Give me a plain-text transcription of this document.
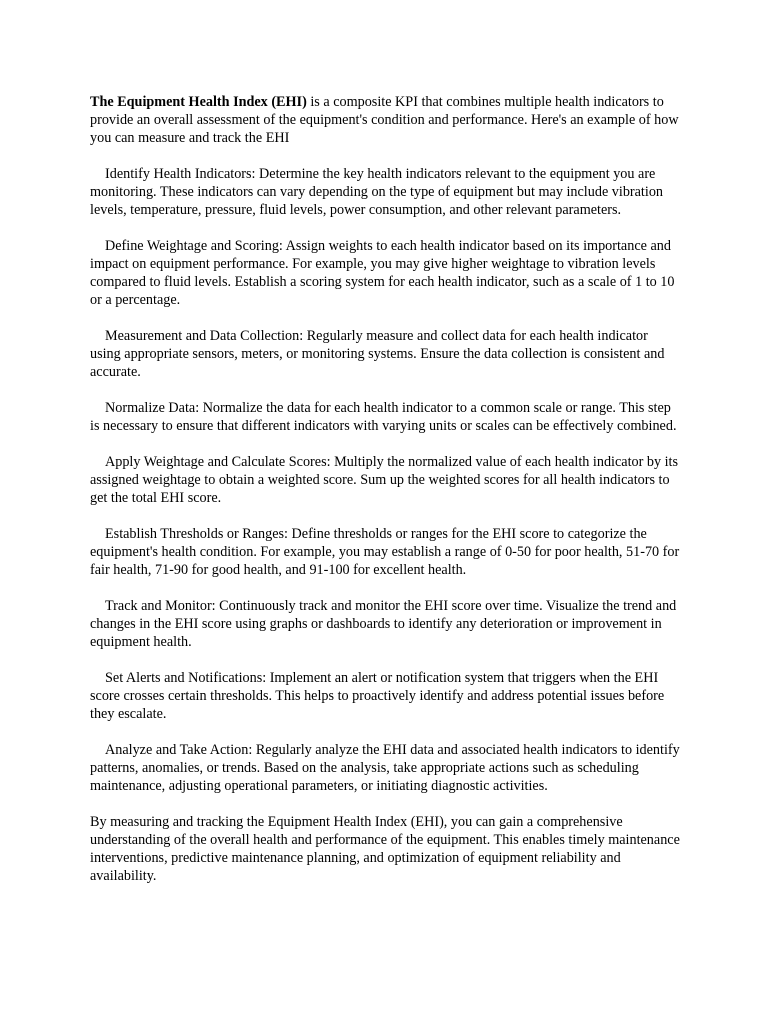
The Equipment Health Index (EHI) is a composite KPI that combines multiple health indicators to provide an overall assessment of the equipment's condition and performance. Here's an example of how you can measure and track the EHI

Identify Health Indicators: Determine the key health indicators relevant to the equipment you are monitoring. These indicators can vary depending on the type of equipment but may include vibration levels, temperature, pressure, fluid levels, power consumption, and other relevant parameters.

Define Weightage and Scoring: Assign weights to each health indicator based on its importance and impact on equipment performance. For example, you may give higher weightage to vibration levels compared to fluid levels. Establish a scoring system for each health indicator, such as a scale of 1 to 10 or a percentage.

Measurement and Data Collection: Regularly measure and collect data for each health indicator using appropriate sensors, meters, or monitoring systems. Ensure the data collection is consistent and accurate.

Normalize Data: Normalize the data for each health indicator to a common scale or range. This step is necessary to ensure that different indicators with varying units or scales can be effectively combined.

Apply Weightage and Calculate Scores: Multiply the normalized value of each health indicator by its assigned weightage to obtain a weighted score. Sum up the weighted scores for all health indicators to get the total EHI score.

Establish Thresholds or Ranges: Define thresholds or ranges for the EHI score to categorize the equipment's health condition. For example, you may establish a range of 0-50 for poor health, 51-70 for fair health, 71-90 for good health, and 91-100 for excellent health.

Track and Monitor: Continuously track and monitor the EHI score over time. Visualize the trend and changes in the EHI score using graphs or dashboards to identify any deterioration or improvement in equipment health.

Set Alerts and Notifications: Implement an alert or notification system that triggers when the EHI score crosses certain thresholds. This helps to proactively identify and address potential issues before they escalate.

Analyze and Take Action: Regularly analyze the EHI data and associated health indicators to identify patterns, anomalies, or trends. Based on the analysis, take appropriate actions such as scheduling maintenance, adjusting operational parameters, or initiating diagnostic activities.

By measuring and tracking the Equipment Health Index (EHI), you can gain a comprehensive understanding of the overall health and performance of the equipment. This enables timely maintenance interventions, predictive maintenance planning, and optimization of equipment reliability and availability.
